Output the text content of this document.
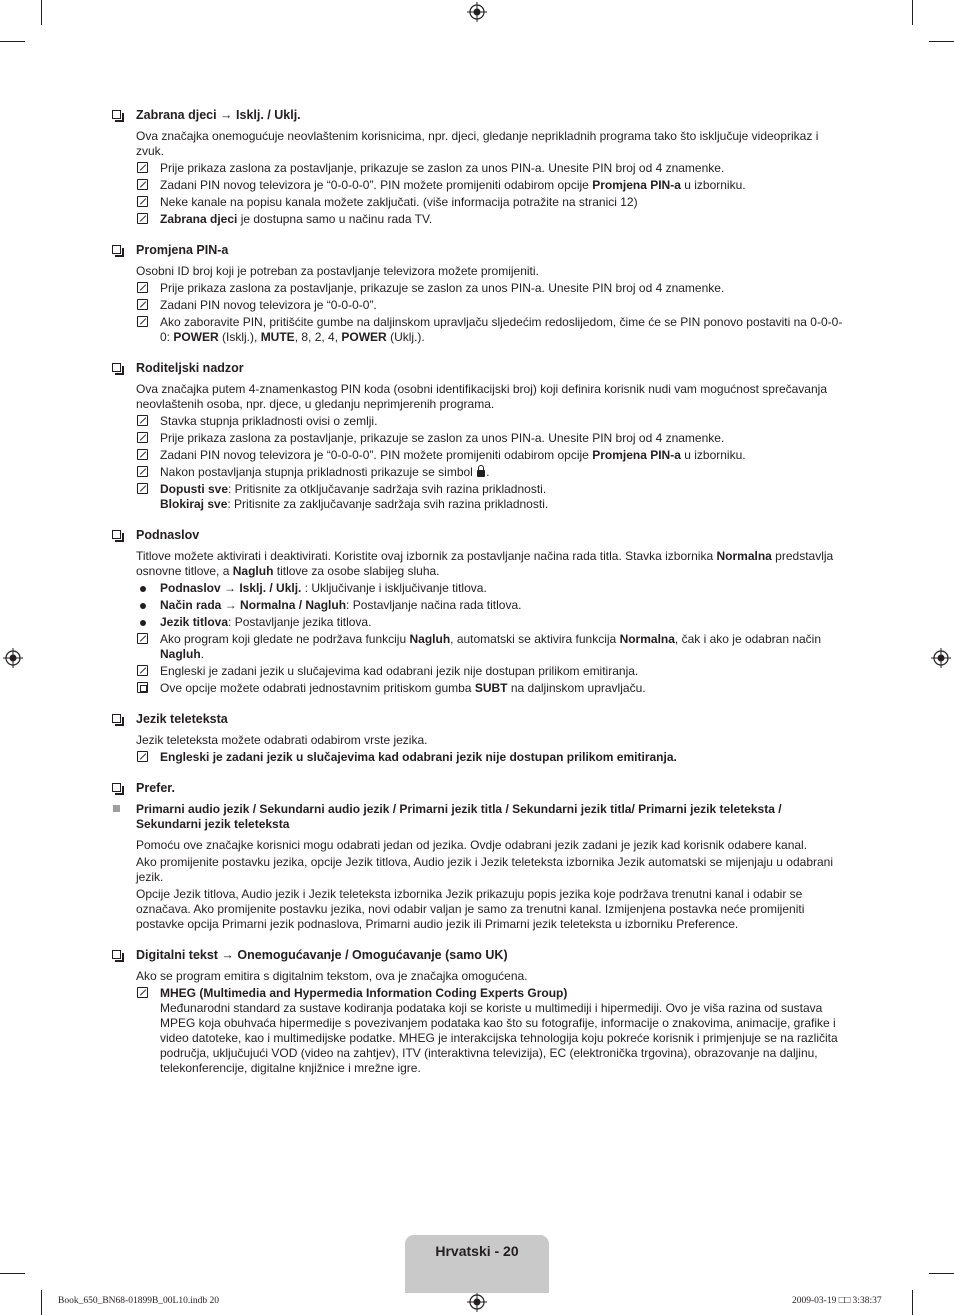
Zabrana djeci → Isklj. / Uklj.
Ova značajka onemogućuje neovlaštenim korisnicima, npr. djeci, gledanje neprikladnih programa tako što isključuje videoprikaz i zvuk.
Prije prikaza zaslona za postavljanje, prikazuje se zaslon za unos PIN-a. Unesite PIN broj od 4 znamenke.
Zadani PIN novog televizora je “0-0-0-0”. PIN možete promijeniti odabirom opcije Promjena PIN-a u izborniku.
Neke kanale na popisu kanala možete zaključati. (više informacija potražite na stranici 12)
Zabrana djeci je dostupna samo u načinu rada TV.
Promjena PIN-a
Osobni ID broj koji je potreban za postavljanje televizora možete promijeniti.
Prije prikaza zaslona za postavljanje, prikazuje se zaslon za unos PIN-a. Unesite PIN broj od 4 znamenke.
Zadani PIN novog televizora je “0-0-0-0”.
Ako zaboravite PIN, pritišćite gumbe na daljinskom upravljaču sljedećim redoslijedom, čime će se PIN ponovo postaviti na 0-0-0-0: POWER (Isklj.), MUTE, 8, 2, 4, POWER (Uklj.).
Roditeljski nadzor
Ova značajka putem 4-znamenkastog PIN koda (osobni identifikacijski broj) koji definira korisnik nudi vam mogućnost sprečavanja neovlaštenih osoba, npr. djece, u gledanju neprimjerenih programa.
Stavka stupnja prikladnosti ovisi o zemlji.
Prije prikaza zaslona za postavljanje, prikazuje se zaslon za unos PIN-a. Unesite PIN broj od 4 znamenke.
Zadani PIN novog televizora je “0-0-0-0”. PIN možete promijeniti odabirom opcije Promjena PIN-a u izborniku.
Nakon postavljanja stupnja prikladnosti prikazuje se simbol .
Dopusti sve: Pritisnite za otključavanje sadržaja svih razina prikladnosti.
Blokiraj sve: Pritisnite za zaključavanje sadržaja svih razina prikladnosti.
Podnaslov
Titlove možete aktivirati i deaktivirati. Koristite ovaj izbornik za postavljanje načina rada titla. Stavka izbornika Normalna predstavlja osnovne titlove, a Nagluh titlove za osobe slabijeg sluha.
Podnaslov → Isklj. / Uklj. : Uključivanje i isključivanje titlova.
Način rada → Normalna / Nagluh: Postavljanje načina rada titlova.
Jezik titlova: Postavljanje jezika titlova.
Ako program koji gledate ne podržava funkciju Nagluh, automatski se aktivira funkcija Normalna, čak i ako je odabran način Nagluh.
Engleski je zadani jezik u slučajevima kad odabrani jezik nije dostupan prilikom emitiranja.
Ove opcije možete odabrati jednostavnim pritiskom gumba SUBT na daljinskom upravljaču.
Jezik teleteksta
Jezik teleteksta možete odabrati odabirom vrste jezika.
Engleski je zadani jezik u slučajevima kad odabrani jezik nije dostupan prilikom emitiranja.
Prefer.
Primarni audio jezik / Sekundarni audio jezik / Primarni jezik titla / Sekundarni jezik titla/ Primarni jezik teleteksta / Sekundarni jezik teleteksta
Pomoću ove značajke korisnici mogu odabrati jedan od jezika. Ovdje odabrani jezik zadani je jezik kad korisnik odabere kanal.
Ako promijenite postavku jezika, opcije Jezik titlova, Audio jezik i Jezik teleteksta izbornika Jezik automatski se mijenjaju u odabrani jezik.
Opcije Jezik titlova, Audio jezik i Jezik teleteksta izbornika Jezik prikazuju popis jezika koje podržava trenutni kanal i odabir se označava. Ako promijenite postavku jezika, novi odabir valjan je samo za trenutni kanal. Izmijenjena postavka neće promijeniti postavke opcija Primarni jezik podnaslova, Primarni audio jezik ili Primarni jezik teleteksta u izborniku Preference.
Digitalni tekst → Onemogućavanje / Omogućavanje (samo UK)
Ako se program emitira s digitalnim tekstom, ova je značajka omogućena.
MHEG (Multimedia and Hypermedia Information Coding Experts Group)
Međunarodni standard za sustave kodiranja podataka koji se koriste u multimediji i hipermediji. Ovo je viša razina od sustava MPEG koja obuhvaća hipermedije s povezivanjem podataka kao što su fotografije, informacije o znakovima, animacije, grafike i video datoteke, kao i multimedijske podatke. MHEG je interakcijska tehnologija koju pokreće korisnik i primjenjuje se na različita područja, uključujući VOD (video na zahtjev), ITV (interaktivna televizija), EC (elektronička trgovina), obrazovanje na daljinu, telekonferencije, digitalne knjižnice i mrežne igre.
Hrvatski - 20
Book_650_BN68-01899B_00L10.indb 20	2009-03-19 □□ 3:38:37
